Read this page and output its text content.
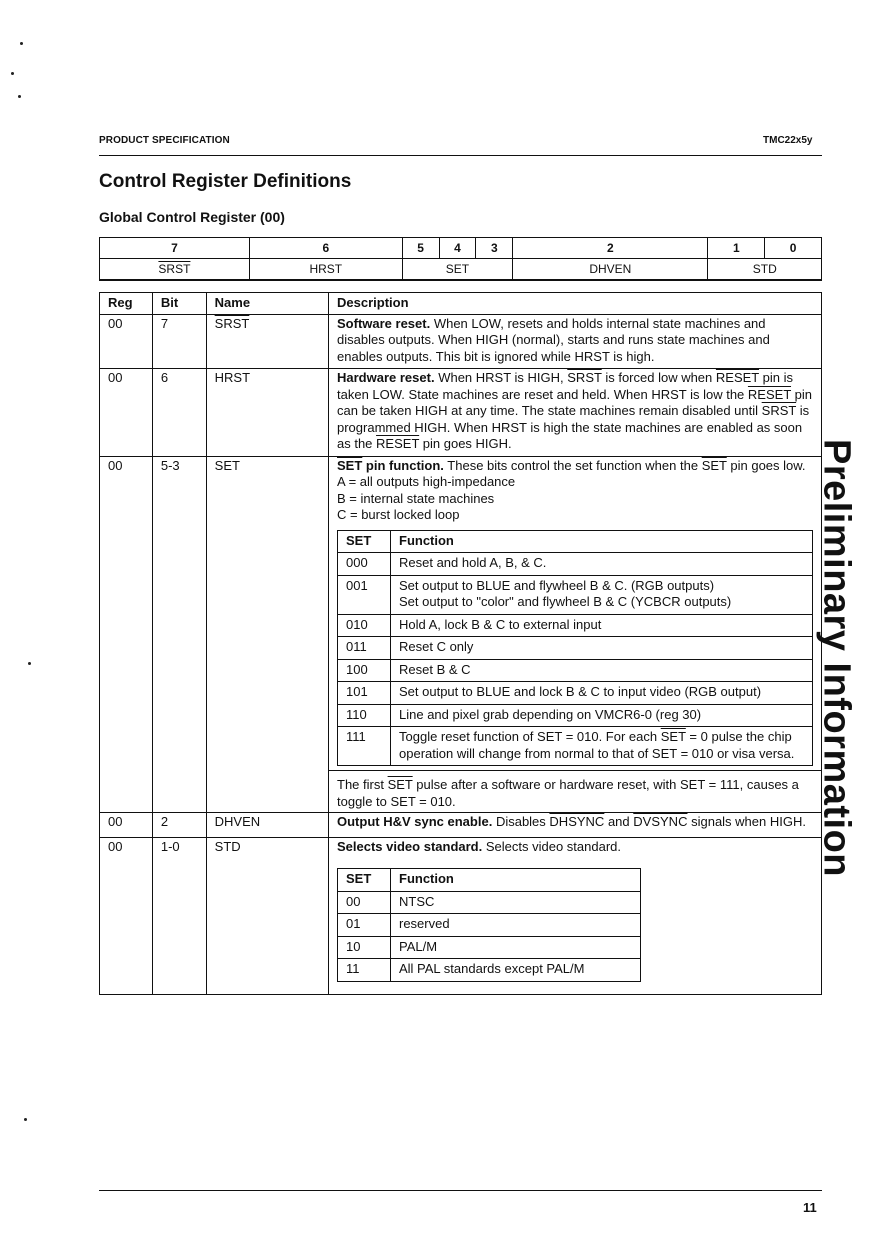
PRODUCT SPECIFICATION	TMC22x5y
Control Register Definitions
Global Control Register (00)
7	6	5	4	3	2	1	0
SRST	HRST	SET			DHVEN	STD	
Reg	Bit	Name	Description
00	7	SRST	Software reset. When LOW, resets and holds internal state machines and disables outputs. When HIGH (normal), starts and runs state machines and enables outputs. This bit is ignored while HRST is high.
00	6	HRST	Hardware reset. When HRST is HIGH, SRST is forced low when RESET pin is taken LOW. State machines are reset and held. When HRST is low the RESET pin can be taken HIGH at any time. The state machines remain disabled until SRST is programmed HIGH. When HRST is high the state machines are enabled as soon as the RESET pin goes HIGH.
00	5-3	SET	$\overline{SET}$ pin function. These bits control the set function when the $\overline{SET}$ pin goes low.
A = all outputs high-impedance
B = internal state machines
C = burst locked loop
SET	Function
000	Reset and hold A, B, & C.
001	Set output to BLUE and flywheel B & C. (RGB outputs)
Set output to "color" and flywheel B & C (YCBCR outputs)

010	Hold A, lock B & C to external input
011	Reset C only
100	Reset B & C
101	Set output to BLUE and lock B & C to input video (RGB output)
110	Line and pixel grab depending on VMCR6-0 (reg 30)
111	Toggle reset function of SET = 010. For each $\overline{SET} = 0$ pulse the chip operation will change from normal to that of SET = 010 or visa versa.
The first $\overline{SET}$ pulse after a software or hardware reset, with SET = 111, causes a toggle to SET = 010.

00	2	DHVEN	Output H&V sync enable. Disables DHSYNC and DVSYNC signals when HIGH.
00	1-0	STD	Selects video standard. Selects video standard.
SET	Function
00	NTSC
01	reserved
10	PAL/M
11	All PAL standards except PAL/M
Preliminary Information
11
